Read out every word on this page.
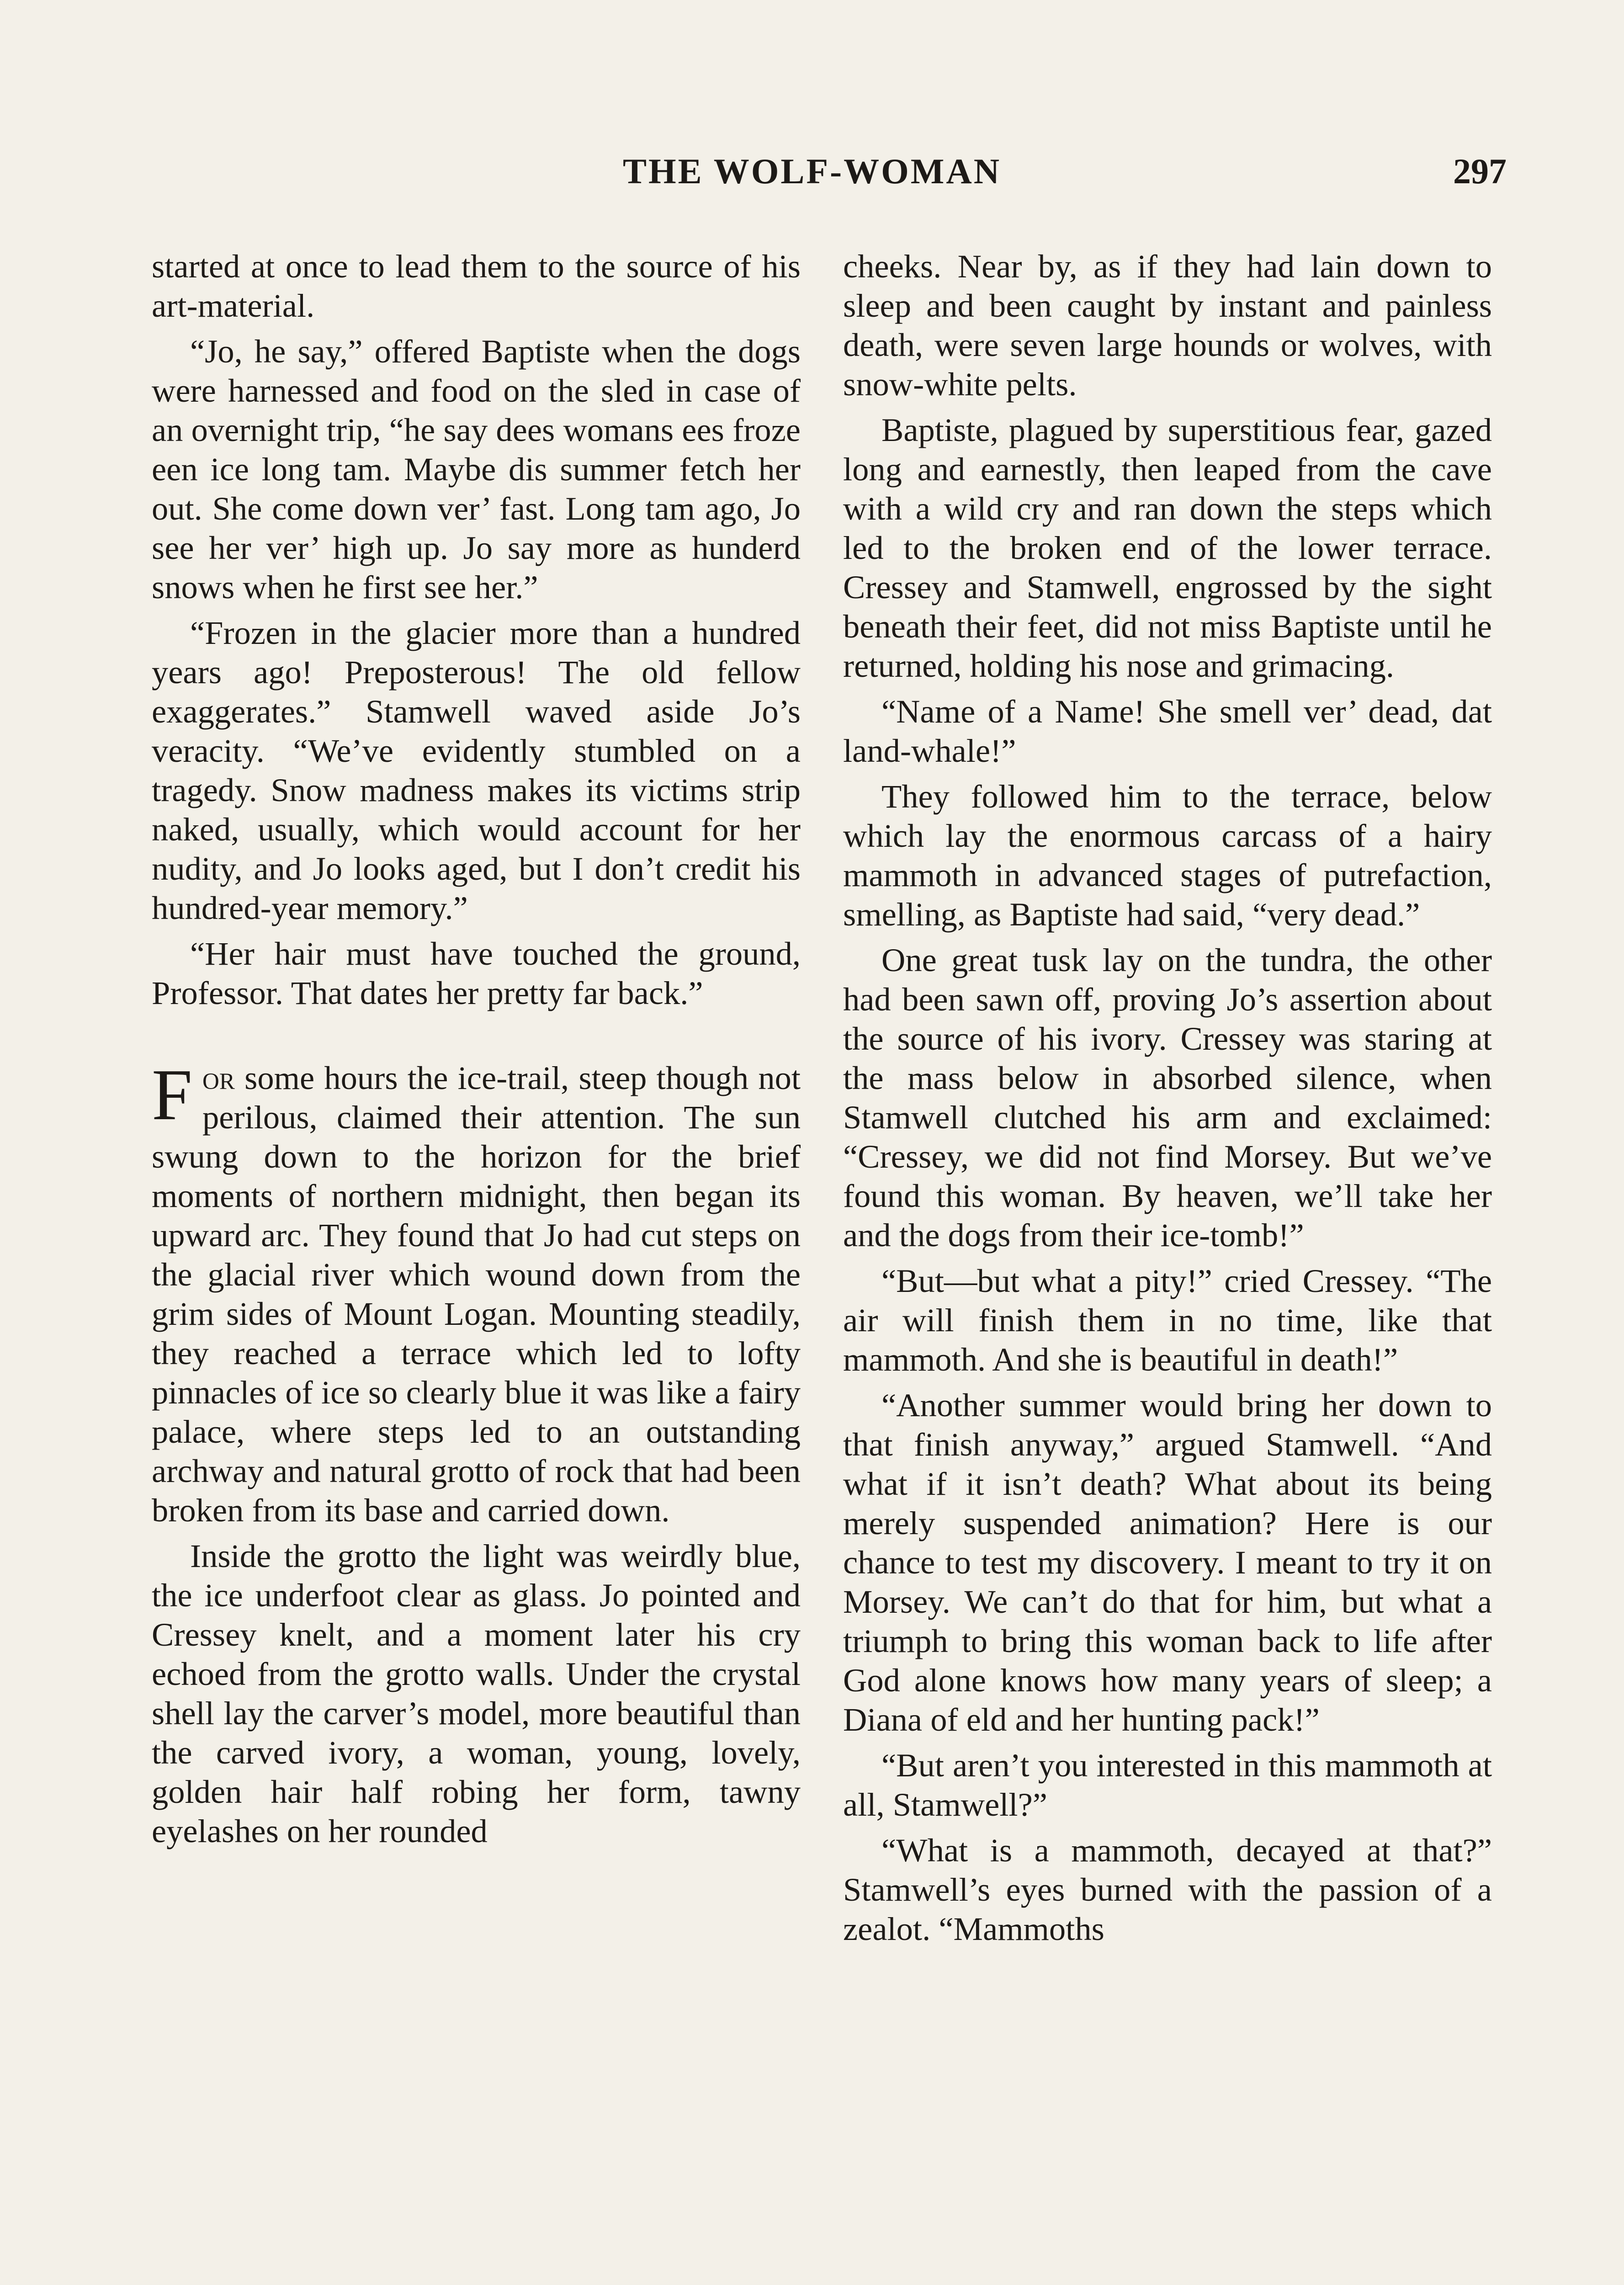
THE WOLF-WOMAN	297

started at once to lead them to the source of his art-material.

“Jo, he say,” offered Baptiste when the dogs were harnessed and food on the sled in case of an overnight trip, “he say dees womans ees froze een ice long tam. Maybe dis summer fetch her out. She come down ver’ fast. Long tam ago, Jo see her ver’ high up. Jo say more as hunderd snows when he first see her.”

“Frozen in the glacier more than a hundred years ago! Preposterous! The old fellow exaggerates.” Stamwell waved aside Jo’s veracity. “We’ve evidently stumbled on a tragedy. Snow madness makes its victims strip naked, usually, which would account for her nudity, and Jo looks aged, but I don’t credit his hundred-year memory.”

“Her hair must have touched the ground, Professor. That dates her pretty far back.”

For some hours the ice-trail, steep though not perilous, claimed their attention. The sun swung down to the horizon for the brief moments of northern midnight, then began its upward arc. They found that Jo had cut steps on the glacial river which wound down from the grim sides of Mount Logan. Mounting steadily, they reached a terrace which led to lofty pinnacles of ice so clearly blue it was like a fairy palace, where steps led to an outstanding archway and natural grotto of rock that had been broken from its base and carried down.

Inside the grotto the light was weirdly blue, the ice underfoot clear as glass. Jo pointed and Cressey knelt, and a moment later his cry echoed from the grotto walls. Under the crystal shell lay the carver’s model, more beautiful than the carved ivory, a woman, young, lovely, golden hair half robing her form, tawny eyelashes on her rounded

cheeks. Near by, as if they had lain down to sleep and been caught by instant and painless death, were seven large hounds or wolves, with snow-white pelts.

Baptiste, plagued by superstitious fear, gazed long and earnestly, then leaped from the cave with a wild cry and ran down the steps which led to the broken end of the lower terrace. Cressey and Stamwell, engrossed by the sight beneath their feet, did not miss Baptiste until he returned, holding his nose and grimacing.

“Name of a Name! She smell ver’ dead, dat land-whale!”

They followed him to the terrace, below which lay the enormous carcass of a hairy mammoth in advanced stages of putrefaction, smelling, as Baptiste had said, “very dead.”

One great tusk lay on the tundra, the other had been sawn off, proving Jo’s assertion about the source of his ivory. Cressey was staring at the mass below in absorbed silence, when Stamwell clutched his arm and exclaimed: “Cressey, we did not find Morsey. But we’ve found this woman. By heaven, we’ll take her and the dogs from their ice-tomb!”

“But—but what a pity!” cried Cressey. “The air will finish them in no time, like that mammoth. And she is beautiful in death!”

“Another summer would bring her down to that finish anyway,” argued Stamwell. “And what if it isn’t death? What about its being merely suspended animation? Here is our chance to test my discovery. I meant to try it on Morsey. We can’t do that for him, but what a triumph to bring this woman back to life after God alone knows how many years of sleep; a Diana of eld and her hunting pack!”

“But aren’t you interested in this mammoth at all, Stamwell?”

“What is a mammoth, decayed at that?” Stamwell’s eyes burned with the passion of a zealot. “Mammoths
